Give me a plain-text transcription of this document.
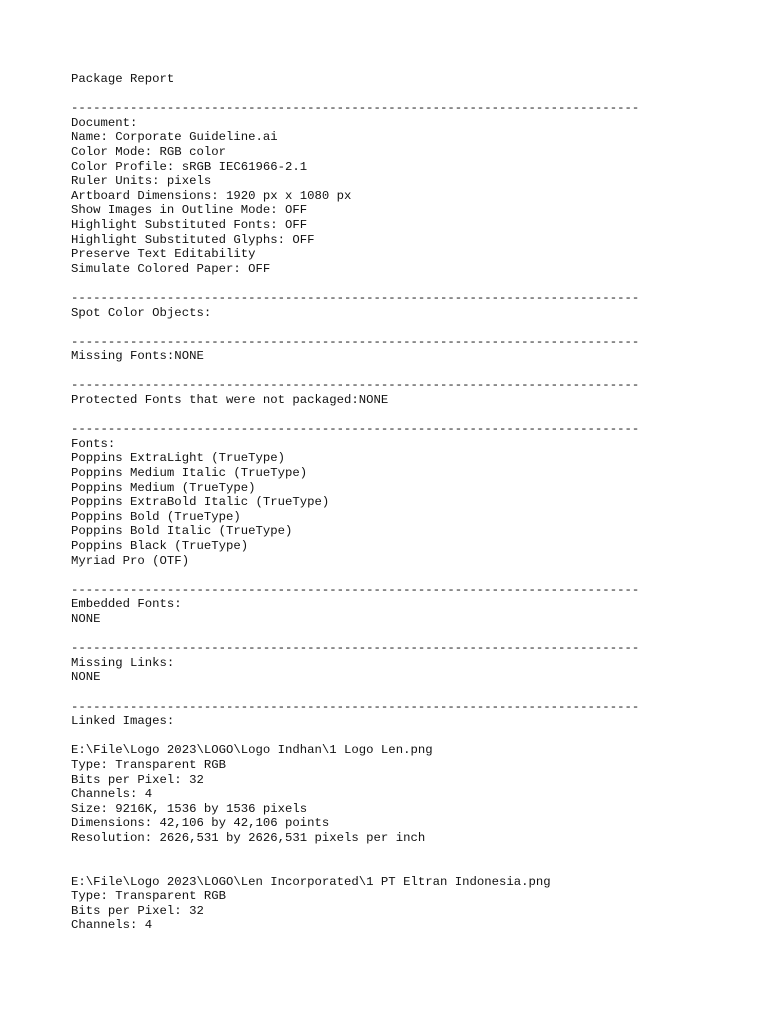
Package Report
-----------------------------------------------------------------------------
Document:
Name: Corporate Guideline.ai
Color Mode: RGB color
Color Profile: sRGB IEC61966-2.1
Ruler Units: pixels
Artboard Dimensions: 1920 px x 1080 px
Show Images in Outline Mode: OFF
Highlight Substituted Fonts: OFF
Highlight Substituted Glyphs: OFF
Preserve Text Editability
Simulate Colored Paper: OFF
-----------------------------------------------------------------------------
Spot Color Objects:
-----------------------------------------------------------------------------
Missing Fonts:NONE
-----------------------------------------------------------------------------
Protected Fonts that were not packaged:NONE
-----------------------------------------------------------------------------
Fonts:
Poppins ExtraLight (TrueType)
Poppins Medium Italic (TrueType)
Poppins Medium (TrueType)
Poppins ExtraBold Italic (TrueType)
Poppins Bold (TrueType)
Poppins Bold Italic (TrueType)
Poppins Black (TrueType)
Myriad Pro (OTF)
-----------------------------------------------------------------------------
Embedded Fonts:
NONE
-----------------------------------------------------------------------------
Missing Links:
NONE
-----------------------------------------------------------------------------
Linked Images:
E:\File\Logo 2023\LOGO\Logo Indhan\1 Logo Len.png
Type: Transparent RGB
Bits per Pixel: 32
Channels: 4
Size: 9216K, 1536 by 1536 pixels
Dimensions: 42,106 by 42,106 points
Resolution: 2626,531 by 2626,531 pixels per inch
E:\File\Logo 2023\LOGO\Len Incorporated\1 PT Eltran Indonesia.png
Type: Transparent RGB
Bits per Pixel: 32
Channels: 4
